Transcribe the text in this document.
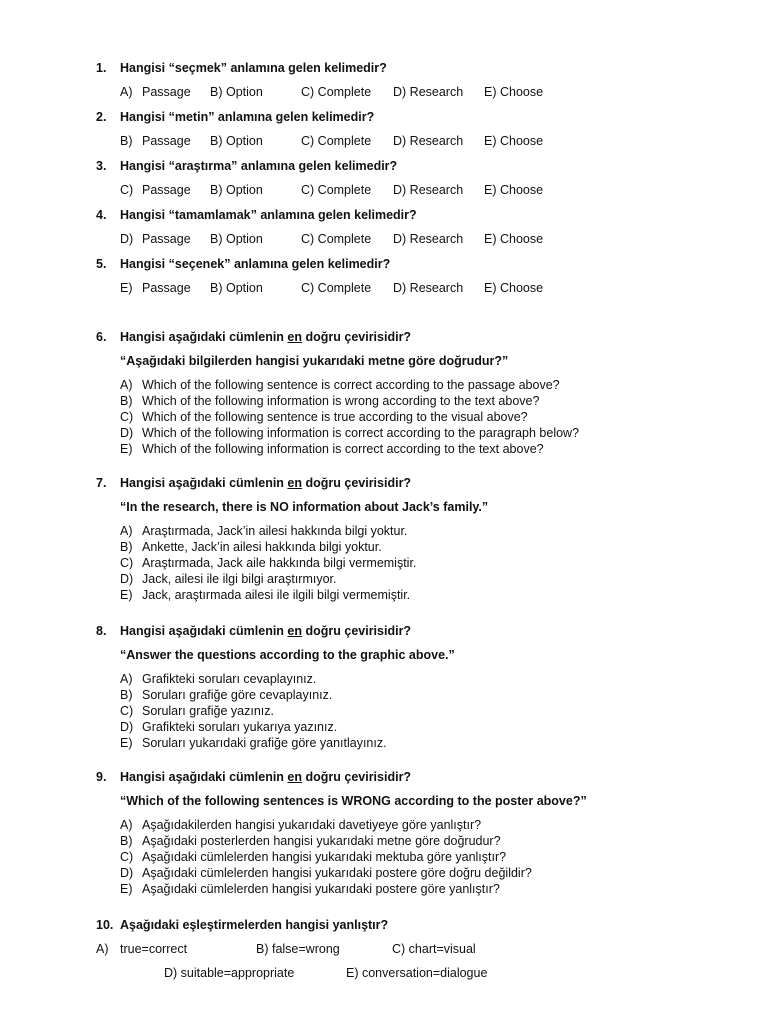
1.	Hangisi “seçmek” anlamına gelen kelimedir?
A) Passage B) Option	C) Complete D) Research E) Choose
2.	Hangisi “metin” anlamına gelen kelimedir?
B) Passage B) Option	C) Complete D) Research E) Choose
3.	Hangisi “araştırma” anlamına gelen kelimedir?
C) Passage B) Option	C) Complete D) Research E) Choose
4.	Hangisi “tamamlamak” anlamına gelen kelimedir?
D) Passage B) Option	C) Complete D) Research E) Choose
5.	Hangisi “seçenek” anlamına gelen kelimedir?
E) Passage B) Option	C) Complete D) Research E) Choose
6.	Hangisi aşağıdaki cümlenin en doğru çevirisidir?
“Aşağıdaki bilgilerden hangisi yukarıdaki metne göre doğrudur?”
A) Which of the following sentence is correct according to the passage above?
B) Which of the following information is wrong according to the text above?
C) Which of the following sentence is true according to the visual above?
D) Which of the following information is correct according to the paragraph below?
E) Which of the following information is correct according to the text above?
7.	Hangisi aşağıdaki cümlenin en doğru çevirisidir?
“In the research, there is NO information about Jack’s family.”
A) Araştırmada, Jack’in ailesi hakkında bilgi yoktur.
B) Ankette, Jack’in ailesi hakkında bilgi yoktur.
C) Araştırmada, Jack aile hakkında bilgi vermemiştir.
D) Jack, ailesi ile ilgi bilgi araştırmıyor.
E) Jack, araştırmada ailesi ile ilgili bilgi vermemiştir.
8.	Hangisi aşağıdaki cümlenin en doğru çevirisidir?
“Answer the questions according to the graphic above.”
A) Grafikteki soruları cevaplayınız.
B) Soruları grafiğe göre cevaplayınız.
C) Soruları grafiğe yazınız.
D) Grafikteki soruları yukarıya yazınız.
E) Soruları yukarıdaki grafiğe göre yanıtlayınız.
9.	Hangisi aşağıdaki cümlenin en doğru çevirisidir?
“Which of the following sentences is WRONG according to the poster above?”
A) Aşağıdakilerden hangisi yukarıdaki davetiyeye göre yanlıştır?
B) Aşağıdaki posterlerden hangisi yukarıdaki metne göre doğrudur?
C) Aşağıdaki cümlelerden hangisi yukarıdaki mektuba göre yanlıştır?
D) Aşağıdaki cümlelerden hangisi yukarıdaki postere göre doğru değildir?
E) Aşağıdaki cümlelerden hangisi yukarıdaki postere göre yanlıştır?
10. Aşağıdaki eşleştirmelerden hangisi yanlıştır?
A) true=correct	B) false=wrong	C) chart=visual
D) suitable=appropriate	E) conversation=dialogue
